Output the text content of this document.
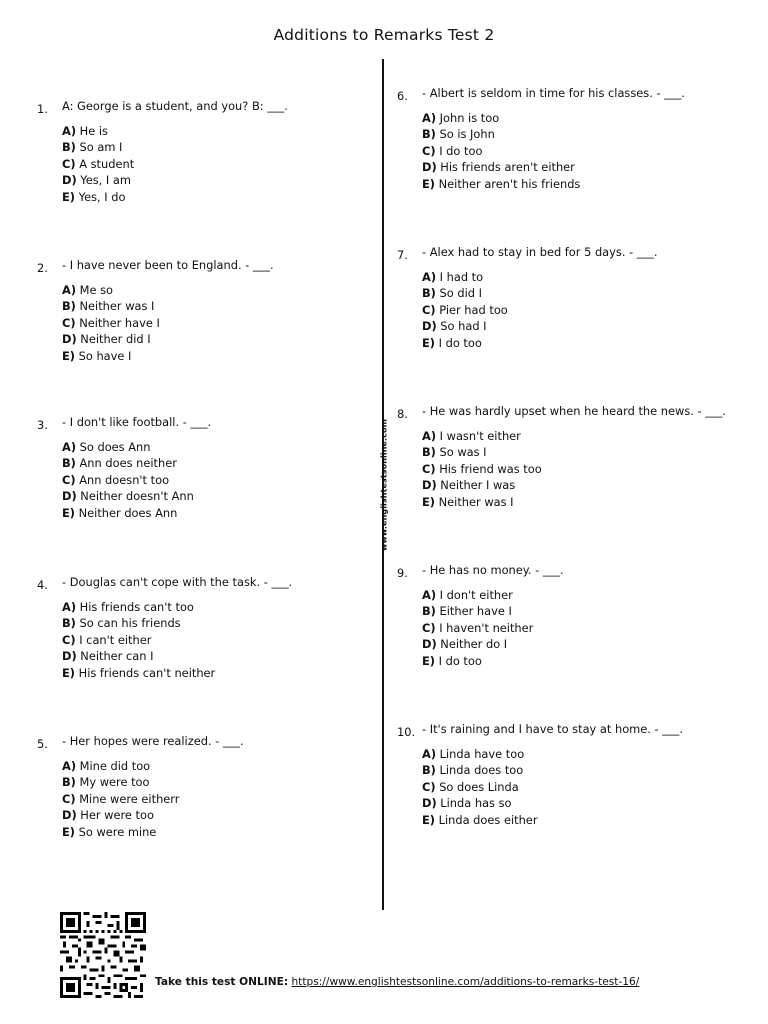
Additions to Remarks Test 2
www.englishtestsonline.com
1. A: George is a student, and you? B: ___.
A) He is
B) So am I
C) A student
D) Yes, I am
E) Yes, I do
2. - I have never been to England. - ___.
A) Me so
B) Neither was I
C) Neither have I
D) Neither did I
E) So have I
3. - I don't like football. - ___.
A) So does Ann
B) Ann does neither
C) Ann doesn't too
D) Neither doesn't Ann
E) Neither does Ann
4. - Douglas can't cope with the task. - ___.
A) His friends can't too
B) So can his friends
C) I can't either
D) Neither can I
E) His friends can't neither
5. - Her hopes were realized. - ___.
A) Mine did too
B) My were too
C) Mine were eitherr
D) Her were too
E) So were mine
6. - Albert is seldom in time for his classes. - ___.
A) John is too
B) So is John
C) I do too
D) His friends aren't either
E) Neither aren't his friends
7. - Alex had to stay in bed for 5 days. - ___.
A) I had to
B) So did I
C) Pier had too
D) So had I
E) I do too
8. - He was hardly upset when he heard the news. - ___.
A) I wasn't either
B) So was I
C) His friend was too
D) Neither I was
E) Neither was I
9. - He has no money. - ___.
A) I don't either
B) Either have I
C) I haven't neither
D) Neither do I
E) I do too
10. - It's raining and I have to stay at home. - ___.
A) Linda have too
B) Linda does too
C) So does Linda
D) Linda has so
E) Linda does either
Take this test ONLINE: https://www.englishtestsonline.com/additions-to-remarks-test-16/
